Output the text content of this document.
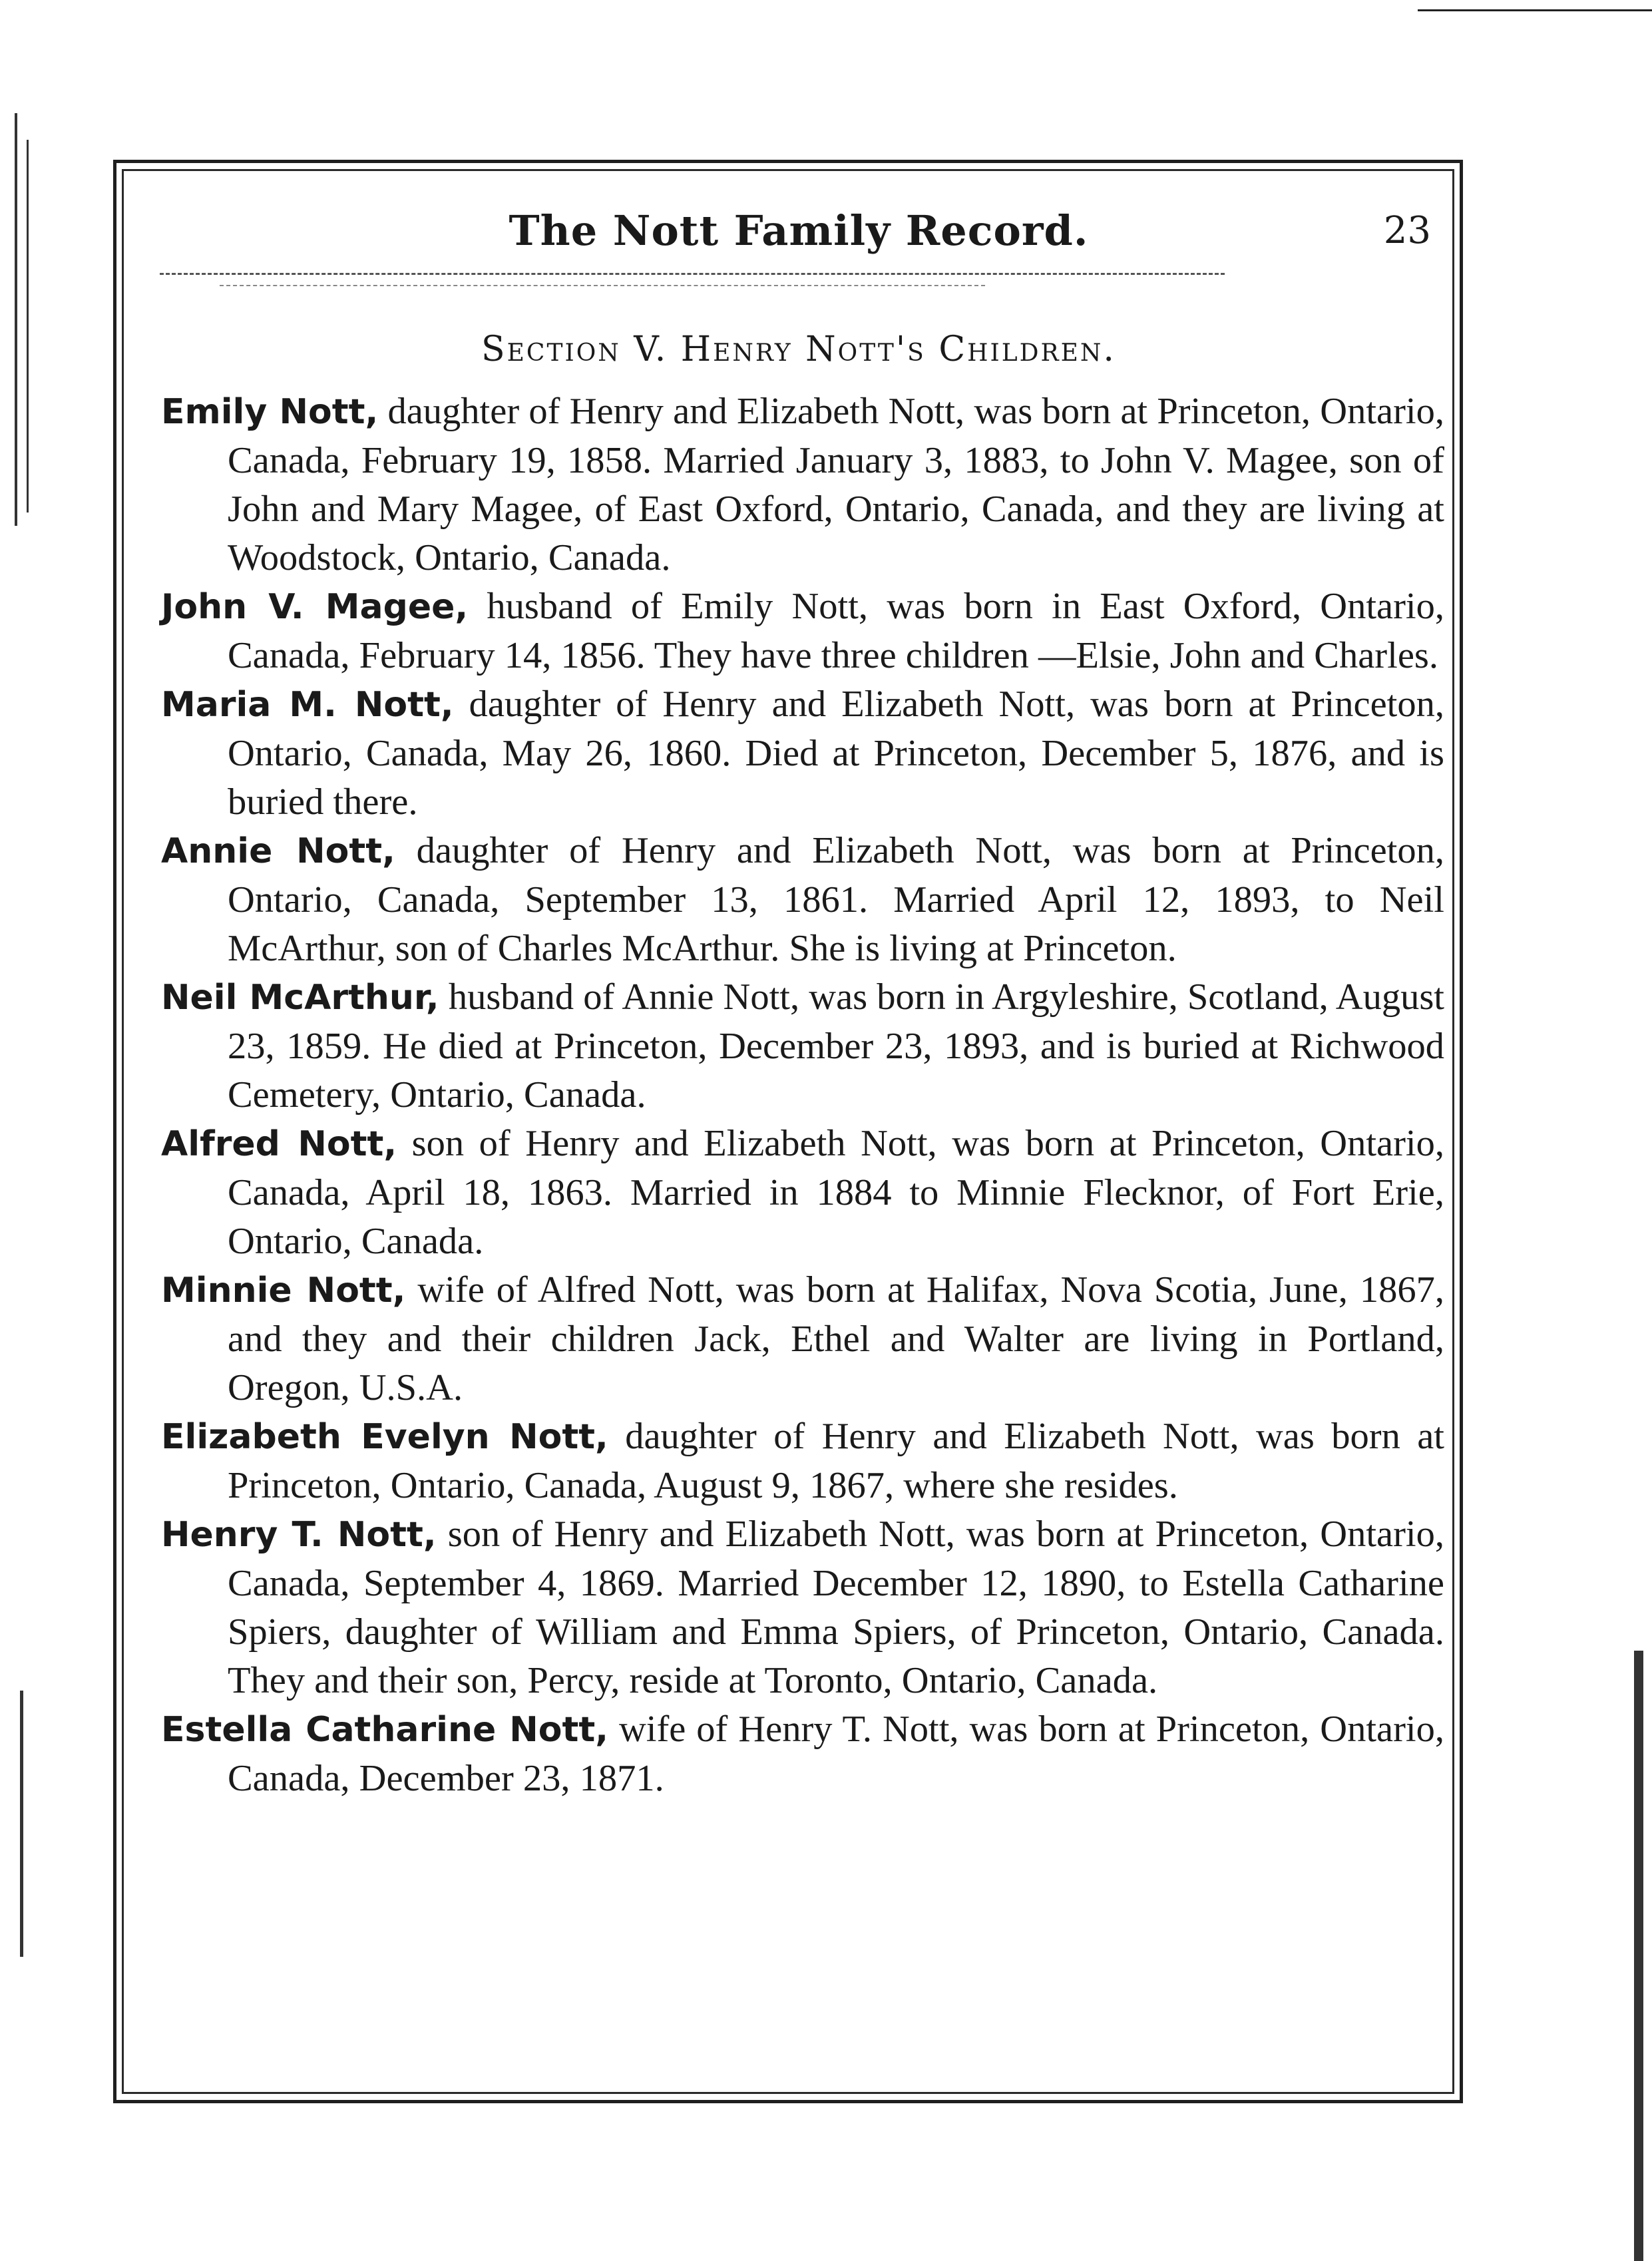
The Nott Family Record.	23
Section V. Henry Nott's Children.

Emily Nott, daughter of Henry and Elizabeth Nott, was born at Princeton, Ontario, Canada, February 19, 1858. Married January 3, 1883, to John V. Magee, son of John and Mary Magee, of East Oxford, Ontario, Canada, and they are living at Woodstock, Ontario, Canada.

John V. Magee, husband of Emily Nott, was born in East Oxford, Ontario, Canada, February 14, 1856. They have three children —Elsie, John and Charles.

Maria M. Nott, daughter of Henry and Elizabeth Nott, was born at Princeton, Ontario, Canada, May 26, 1860. Died at Princeton, December 5, 1876, and is buried there.

Annie Nott, daughter of Henry and Elizabeth Nott, was born at Princeton, Ontario, Canada, September 13, 1861. Married April 12, 1893, to Neil McArthur, son of Charles McArthur. She is living at Princeton.

Neil McArthur, husband of Annie Nott, was born in Argyleshire, Scotland, August 23, 1859. He died at Princeton, December 23, 1893, and is buried at Richwood Cemetery, Ontario, Canada.

Alfred Nott, son of Henry and Elizabeth Nott, was born at Princeton, Ontario, Canada, April 18, 1863. Married in 1884 to Minnie Flecknor, of Fort Erie, Ontario, Canada.

Minnie Nott, wife of Alfred Nott, was born at Halifax, Nova Scotia, June, 1867, and they and their children Jack, Ethel and Walter are living in Portland, Oregon, U.S.A.

Elizabeth Evelyn Nott, daughter of Henry and Elizabeth Nott, was born at Princeton, Ontario, Canada, August 9, 1867, where she resides.

Henry T. Nott, son of Henry and Elizabeth Nott, was born at Princeton, Ontario, Canada, September 4, 1869. Married December 12, 1890, to Estella Catharine Spiers, daughter of William and Emma Spiers, of Princeton, Ontario, Canada. They and their son, Percy, reside at Toronto, Ontario, Canada.

Estella Catharine Nott, wife of Henry T. Nott, was born at Princeton, Ontario, Canada, December 23, 1871.
